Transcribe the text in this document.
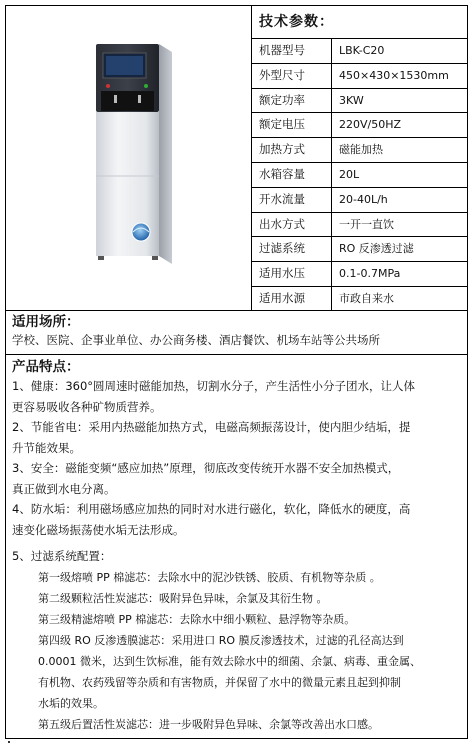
技术参数：
机器型号	LBK-C20
外型尺寸	450×430×1530mm
额定功率	3KW
额定电压	220V/50HZ
加热方式	磁能加热
水箱容量	20L
开水流量	20-40L/h
出水方式	一开一直饮
过滤系统	RO 反渗透过滤
适用水压	0.1-0.7MPa
适用水源	市政自来水
适用场所：
学校、医院、企事业单位、办公商务楼、酒店餐饮、机场车站等公共场所
产品特点：

1、健康：360°圆周速时磁能加热，切割水分子，产生活性小分子团水，让人体

更容易吸收各种矿物质营养。

2、节能省电：采用内热磁能加热方式，电磁高频振荡设计，使内胆少结垢，提

升节能效果。

3、安全：磁能变频“感应加热”原理，彻底改变传统开水器不安全加热模式，

真正做到水电分离。

4、防水垢：利用磁场感应加热的同时对水进行磁化，软化，降低水的硬度，高

速变化磁场振荡使水垢无法形成。

5、过滤系统配置：

第一级熔喷 PP 棉滤芯：去除水中的泥沙铁锈、胶质、有机物等杂质 。

第二级颗粒活性炭滤芯：吸附异色异味，余氯及其衍生物 。

第三级精滤熔喷 PP 棉滤芯：去除水中细小颗粒、悬浮物等杂质。

第四级 RO 反渗透膜滤芯：采用进口 RO 膜反渗透技术，过滤的孔径高达到

0.0001 微米，达到生饮标准，能有效去除水中的细菌、余氯、病毒、重金属、

有机物、农药残留等杂质和有害物质，并保留了水中的微量元素且起到抑制

水垢的效果。

第五级后置活性炭滤芯：进一步吸附异色异味、余氯等改善出水口感。
